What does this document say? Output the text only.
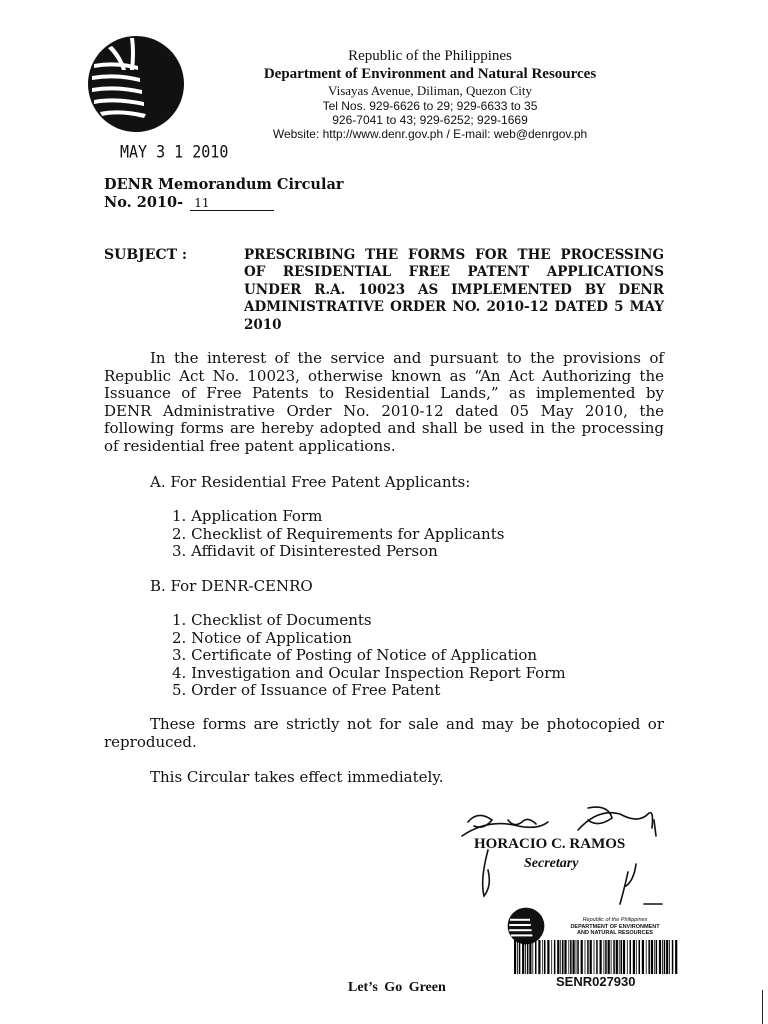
Republic of the Philippines
Department of Environment and Natural Resources
Visayas Avenue, Diliman, Quezon City
Tel Nos. 929-6626 to 29; 929-6633 to 35
926-7041 to 43; 929-6252; 929-1669
Website: http://www.denr.gov.ph / E-mail: web@denrgov.ph
MAY 3 1 2010
DENR Memorandum Circular
No. 2010- 11
SUBJECT :	PRESCRIBING THE FORMS FOR THE PROCESSING OF RESIDENTIAL FREE PATENT APPLICATIONS UNDER R.A. 10023 AS IMPLEMENTED BY DENR ADMINISTRATIVE ORDER NO. 2010-12 DATED 5 MAY 2010
In the interest of the service and pursuant to the provisions of Republic Act No. 10023, otherwise known as “An Act Authorizing the Issuance of Free Patents to Residential Lands,” as implemented by DENR Administrative Order No. 2010-12 dated 05 May 2010, the following forms are hereby adopted and shall be used in the processing of residential free patent applications.
A. For Residential Free Patent Applicants:
1. Application Form
2. Checklist of Requirements for Applicants
3. Affidavit of Disinterested Person
B. For DENR-CENRO
1. Checklist of Documents
2. Notice of Application
3. Certificate of Posting of Notice of Application
4. Investigation and Ocular Inspection Report Form
5. Order of Issuance of Free Patent
These forms are strictly not for sale and may be photocopied or reproduced.
This Circular takes effect immediately.
HORACIO C. RAMOS
Secretary
Republic of the Philippines
DEPARTMENT OF ENVIRONMENT
AND NATURAL RESOURCES
SENR027930
Let’s Go Green
